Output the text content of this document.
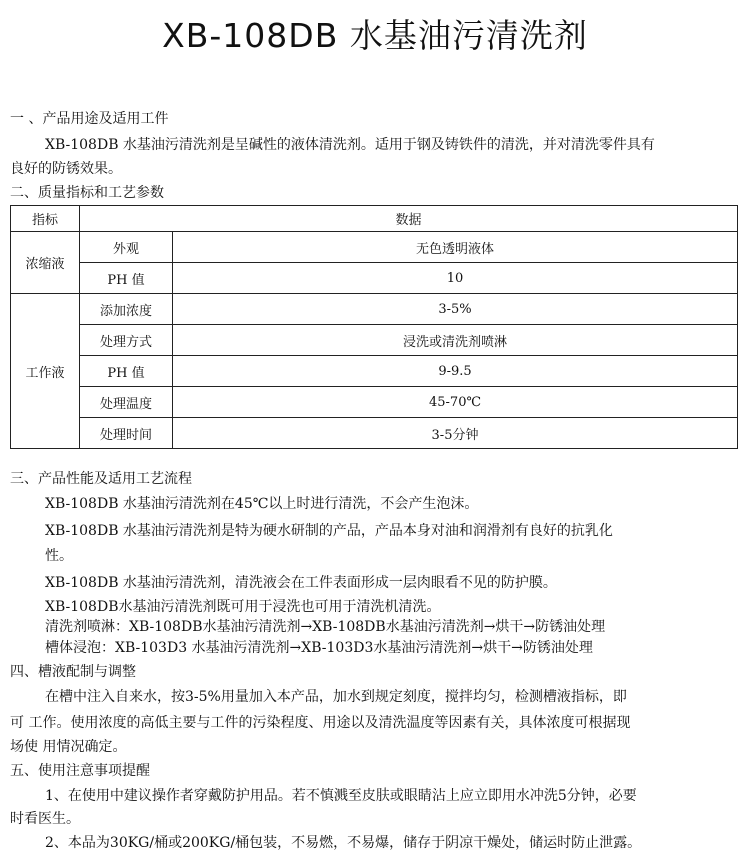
XB-108DB 水基油污清洗剂
一 、产品用途及适用工件
XB-108DB 水基油污清洗剂是呈碱性的液体清洗剂。适用于钢及铸铁件的清洗，并对清洗零件具有
良好的防锈效果。
二、质量指标和工艺参数
指标	数据	
浓缩液	外观	无色透明液体
	PH 值	10
工作液	添加浓度	3-5%
	处理方式	浸洗或清洗剂喷淋
	PH 值	9-9.5
	处理温度	45-70℃
	处理时间	3-5分钟
三、产品性能及适用工艺流程
XB-108DB 水基油污清洗剂在45℃以上时进行清洗，不会产生泡沫。
XB-108DB 水基油污清洗剂是特为硬水研制的产品，产品本身对油和润滑剂有良好的抗乳化
性。
XB-108DB 水基油污清洗剂，清洗液会在工件表面形成一层肉眼看不见的防护膜。
XB-108DB水基油污清洗剂既可用于浸洗也可用于清洗机清洗。
清洗剂喷淋：XB-108DB水基油污清洗剂→XB-108DB水基油污清洗剂→烘干→防锈油处理
槽体浸泡：XB-103D3 水基油污清洗剂→XB-103D3水基油污清洗剂→烘干→防锈油处理
四、槽液配制与调整
在槽中注入自来水，按3-5%用量加入本产品，加水到规定刻度，搅拌均匀，检测槽液指标，即
可 工作。使用浓度的高低主要与工件的污染程度、用途以及清洗温度等因素有关，具体浓度可根据现
场使 用情况确定。
五、使用注意事项提醒
1、在使用中建议操作者穿戴防护用品。若不慎溅至皮肤或眼睛沾上应立即用水冲洗5分钟，必要
时看医生。
2、本品为30KG/桶或200KG/桶包装，不易燃，不易爆，储存于阴凉干燥处，储运时防止泄露。
